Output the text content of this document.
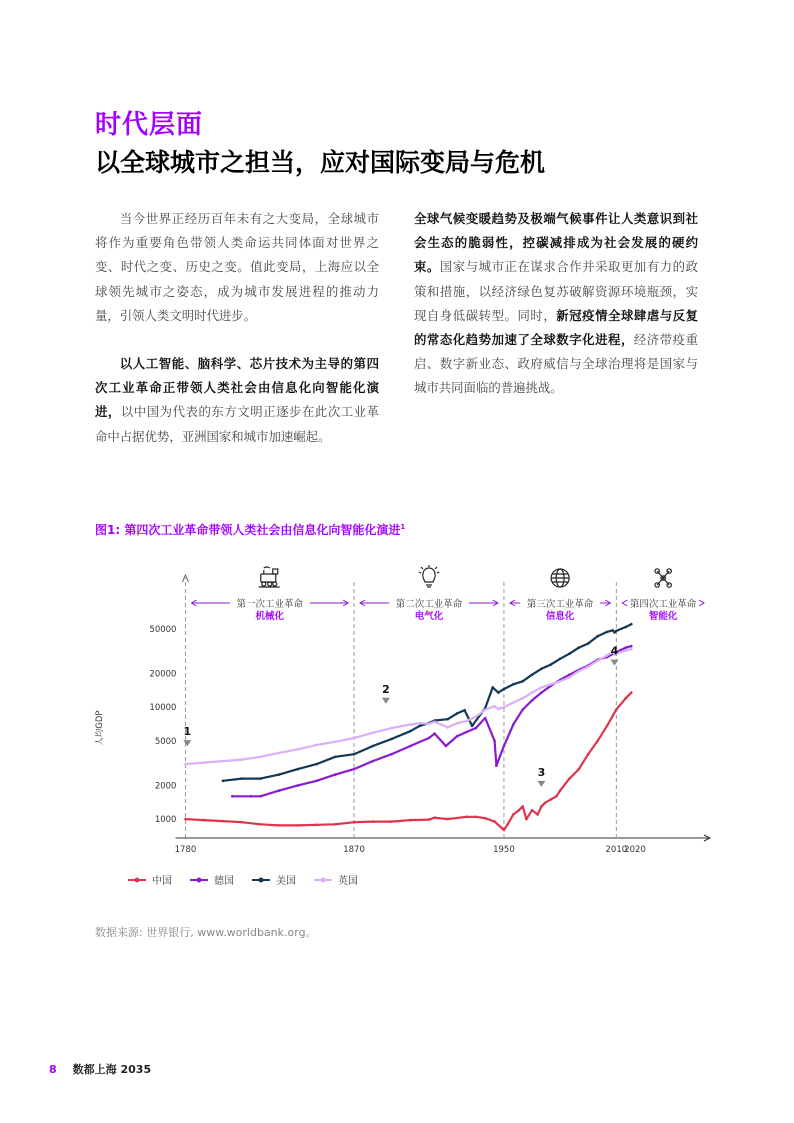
时代层面
以全球城市之担当，应对国际变局与危机

当今世界正经历百年未有之大变局，全球城市将作为重要角色带领人类命运共同体面对世界之变、时代之变、历史之变。值此变局，上海应以全球领先城市之姿态，成为城市发展进程的推动力量，引领人类文明时代进步。

以人工智能、脑科学、芯片技术为主导的第四次工业革命正带领人类社会由信息化向智能化演进，以中国为代表的东方文明正逐步在此次工业革命中占据优势，亚洲国家和城市加速崛起。

全球气候变暖趋势及极端气候事件让人类意识到社会生态的脆弱性，控碳减排成为社会发展的硬约束。国家与城市正在谋求合作并采取更加有力的政策和措施，以经济绿色复苏破解资源环境瓶颈，实现自身低碳转型。同时，新冠疫情全球肆虐与反复的常态化趋势加速了全球数字化进程，经济带疫重启、数字新业态、政府威信与全球治理将是国家与城市共同面临的普遍挑战。

图1: 第四次工业革命带领人类社会由信息化向智能化演进$^1$
1000
2000
5000
10000
20000
50000
人均GDP
1780	1870	1950	2010
2020
第一次工业革命
机械化
第二次工业革命
电气化
第三次工业革命
信息化
第四次工业革命
智能化
1
2
3
4
中国	德国	美国	英国
数据来源: 世界银行, www.worldbank.org。
8 数都上海 2035
